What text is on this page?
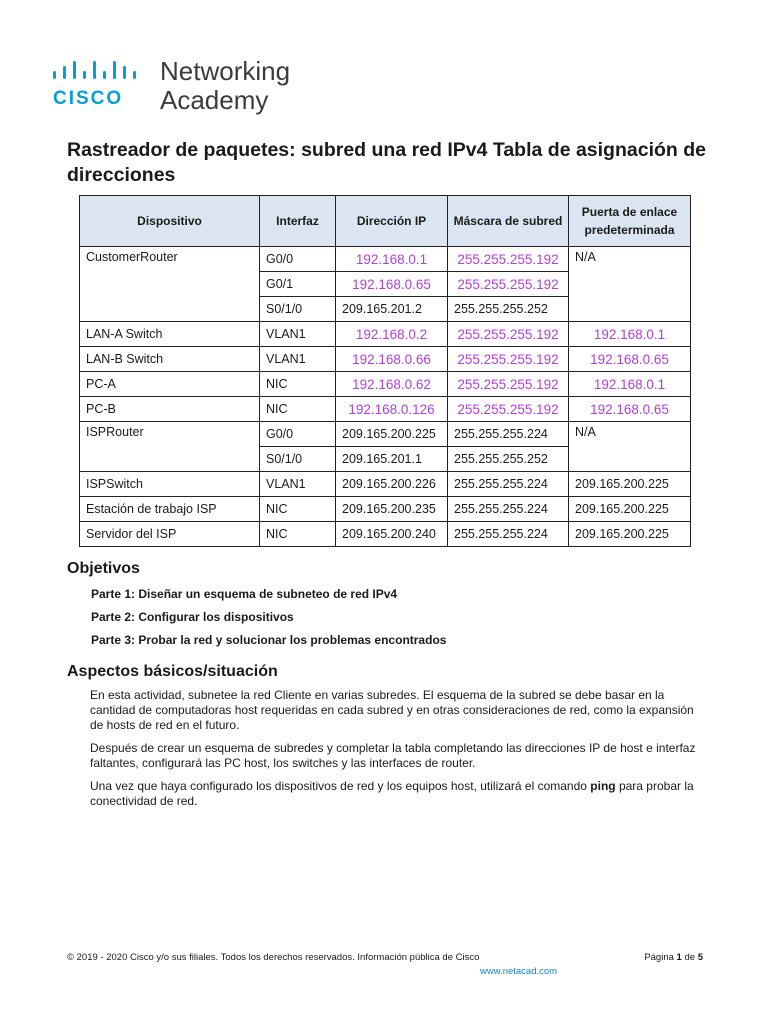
CISCO
Networking
Academy
Rastreador de paquetes: subred una red IPv4 Tabla de asignación de direcciones
Dispositivo	Interfaz	Dirección IP	Máscara de subred	Puerta de enlace predeterminada
CustomerRouter	G0/0	192.168.0.1	255.255.255.192	N/A
	G0/1	192.168.0.65	255.255.255.192	
	S0/1/0	209.165.201.2	255.255.255.252	
LAN-A Switch	VLAN1	192.168.0.2	255.255.255.192	192.168.0.1
LAN-B Switch	VLAN1	192.168.0.66	255.255.255.192	192.168.0.65
PC-A	NIC	192.168.0.62	255.255.255.192	192.168.0.1
PC-B	NIC	192.168.0.126	255.255.255.192	192.168.0.65
ISPRouter	G0/0	209.165.200.225	255.255.255.224	N/A
	S0/1/0	209.165.201.1	255.255.255.252	
ISPSwitch	VLAN1	209.165.200.226	255.255.255.224	209.165.200.225
Estación de trabajo ISP	NIC	209.165.200.235	255.255.255.224	209.165.200.225
Servidor del ISP	NIC	209.165.200.240	255.255.255.224	209.165.200.225
Objetivos
Parte 1: Diseñar un esquema de subneteo de red IPv4
Parte 2: Configurar los dispositivos
Parte 3: Probar la red y solucionar los problemas encontrados
Aspectos básicos/situación

En esta actividad, subnetee la red Cliente en varias subredes. El esquema de la subred se debe basar en la cantidad de computadoras host requeridas en cada subred y en otras consideraciones de red, como la expansión de hosts de red en el futuro.

Después de crear un esquema de subredes y completar la tabla completando las direcciones IP de host e interfaz faltantes, configurará las PC host, los switches y las interfaces de router.

Una vez que haya configurado los dispositivos de red y los equipos host, utilizará el comando ping para probar la conectividad de red.

© 2019 - 2020 Cisco y/o sus filiales. Todos los derechos reservados. Información pública de Cisco	Página 1 de 5
www.netacad.com
